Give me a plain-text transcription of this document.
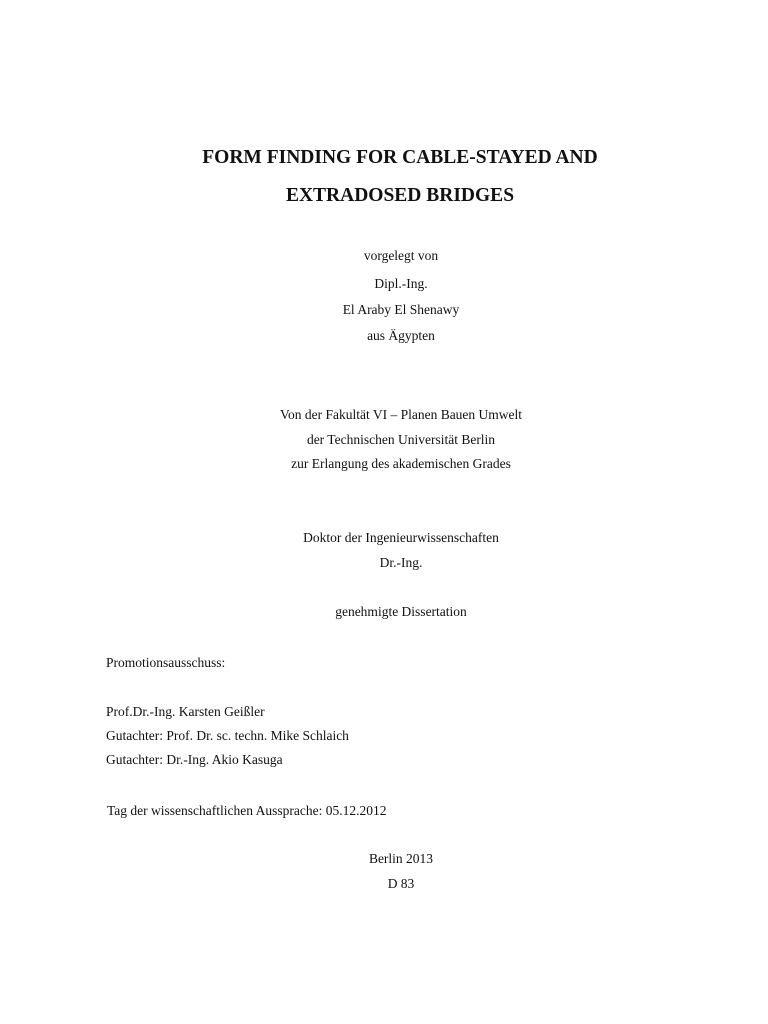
FORM FINDING FOR CABLE-STAYED AND
EXTRADOSED BRIDGES
vorgelegt von
Dipl.-Ing.
El Araby El Shenawy
aus Ägypten
Von der Fakultät VI – Planen Bauen Umwelt
der Technischen Universität Berlin
zur Erlangung des akademischen Grades
Doktor der Ingenieurwissenschaften
Dr.-Ing.
genehmigte Dissertation
Promotionsausschuss:
Prof.Dr.-Ing. Karsten Geißler
Gutachter: Prof. Dr. sc. techn. Mike Schlaich
Gutachter: Dr.-Ing. Akio Kasuga
Tag der wissenschaftlichen Aussprache: 05.12.2012
Berlin 2013
D 83
